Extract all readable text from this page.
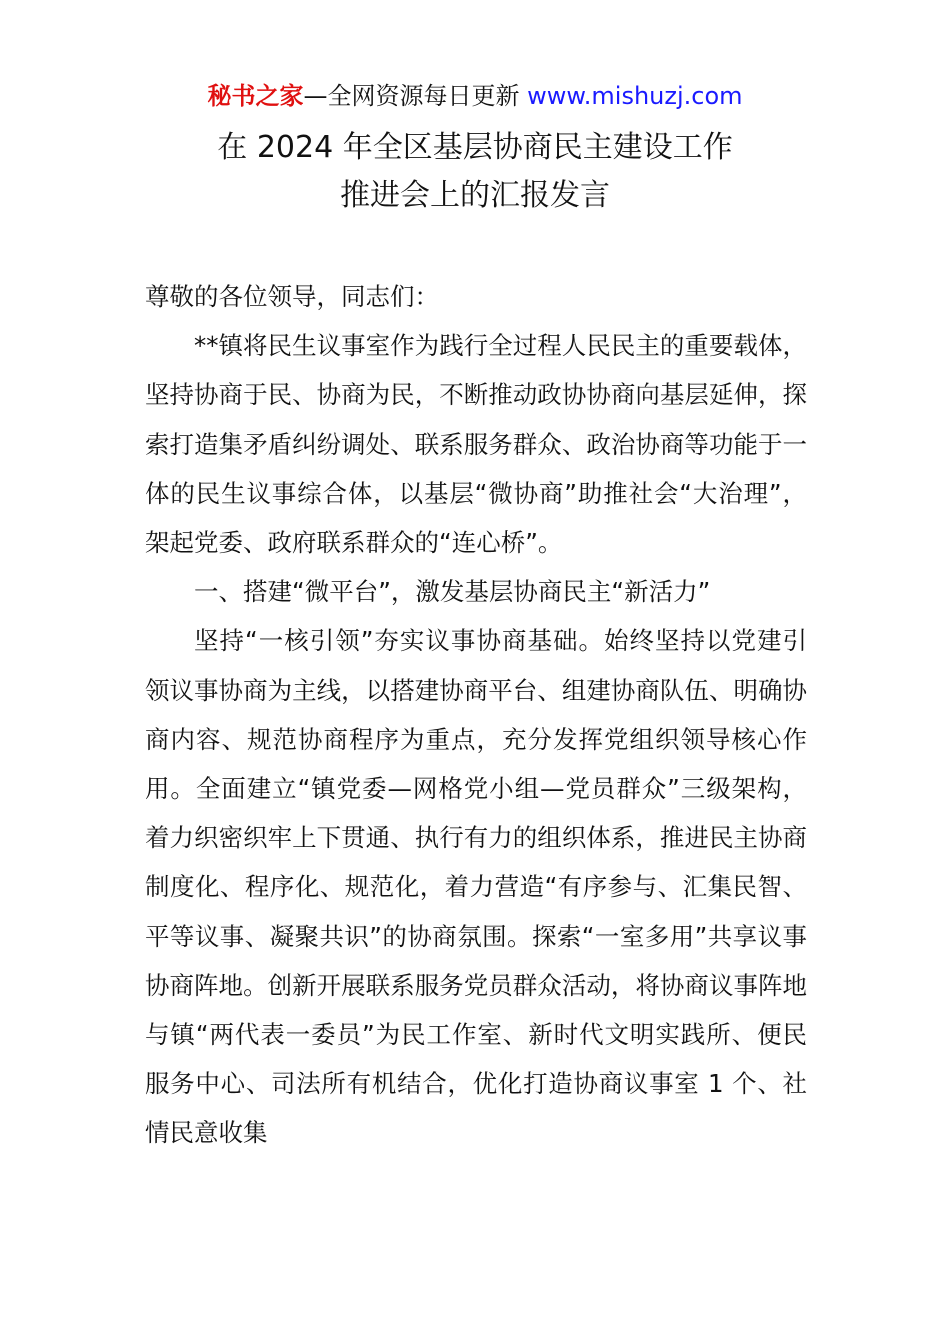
秘书之家—全网资源每日更新 www.mishuzj.com
在 2024 年全区基层协商民主建设工作
推进会上的汇报发言

尊敬的各位领导，同志们：

**镇将民生议事室作为践行全过程人民民主的重要载体，坚持协商于民、协商为民，不断推动政协协商向基层延伸，探索打造集矛盾纠纷调处、联系服务群众、政治协商等功能于一体的民生议事综合体，以基层“微协商”助推社会“大治理”，架起党委、政府联系群众的“连心桥”。

一、搭建“微平台”，激发基层协商民主“新活力”

坚持“一核引领”夯实议事协商基础。始终坚持以党建引领议事协商为主线，以搭建协商平台、组建协商队伍、明确协商内容、规范协商程序为重点，充分发挥党组织领导核心作用。全面建立“镇党委—网格党小组—党员群众”三级架构，着力织密织牢上下贯通、执行有力的组织体系，推进民主协商制度化、程序化、规范化，着力营造“有序参与、汇集民智、平等议事、凝聚共识”的协商氛围。探索“一室多用”共享议事协商阵地。创新开展联系服务党员群众活动，将协商议事阵地与镇“两代表一委员”为民工作室、新时代文明实践所、便民服务中心、司法所有机结合，优化打造协商议事室 1 个、社情民意收集
